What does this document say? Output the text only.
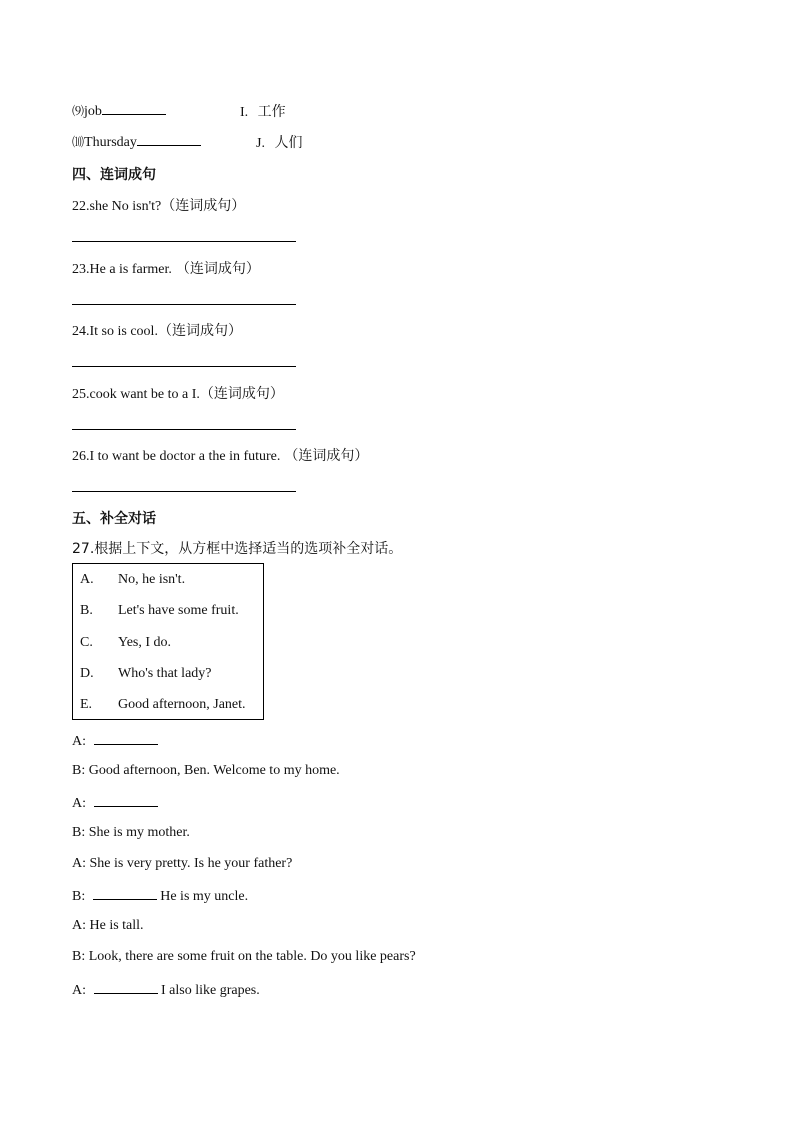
⑼job	I. 工作
⑽Thursday	J. 人们
四、连词成句
22.she No isn't?（连词成句）
23.He a is farmer. （连词成句）
24.It so is cool.（连词成句）
25.cook want be to a I.（连词成句）
26.I to want be doctor a the in future. （连词成句）
五、补全对话
27.根据上下文，从方框中选择适当的选项补全对话。
A. No, he isn't.
B. Let's have some fruit.
C. Yes, I do.
D. Who's that lady?
E. Good afternoon, Janet.
A:
B: Good afternoon, Ben. Welcome to my home.
A:
B: She is my mother.
A: She is very pretty. Is he your father?
B:	He is my uncle.
A: He is tall.
B: Look, there are some fruit on the table. Do you like pears?
A:	I also like grapes.
